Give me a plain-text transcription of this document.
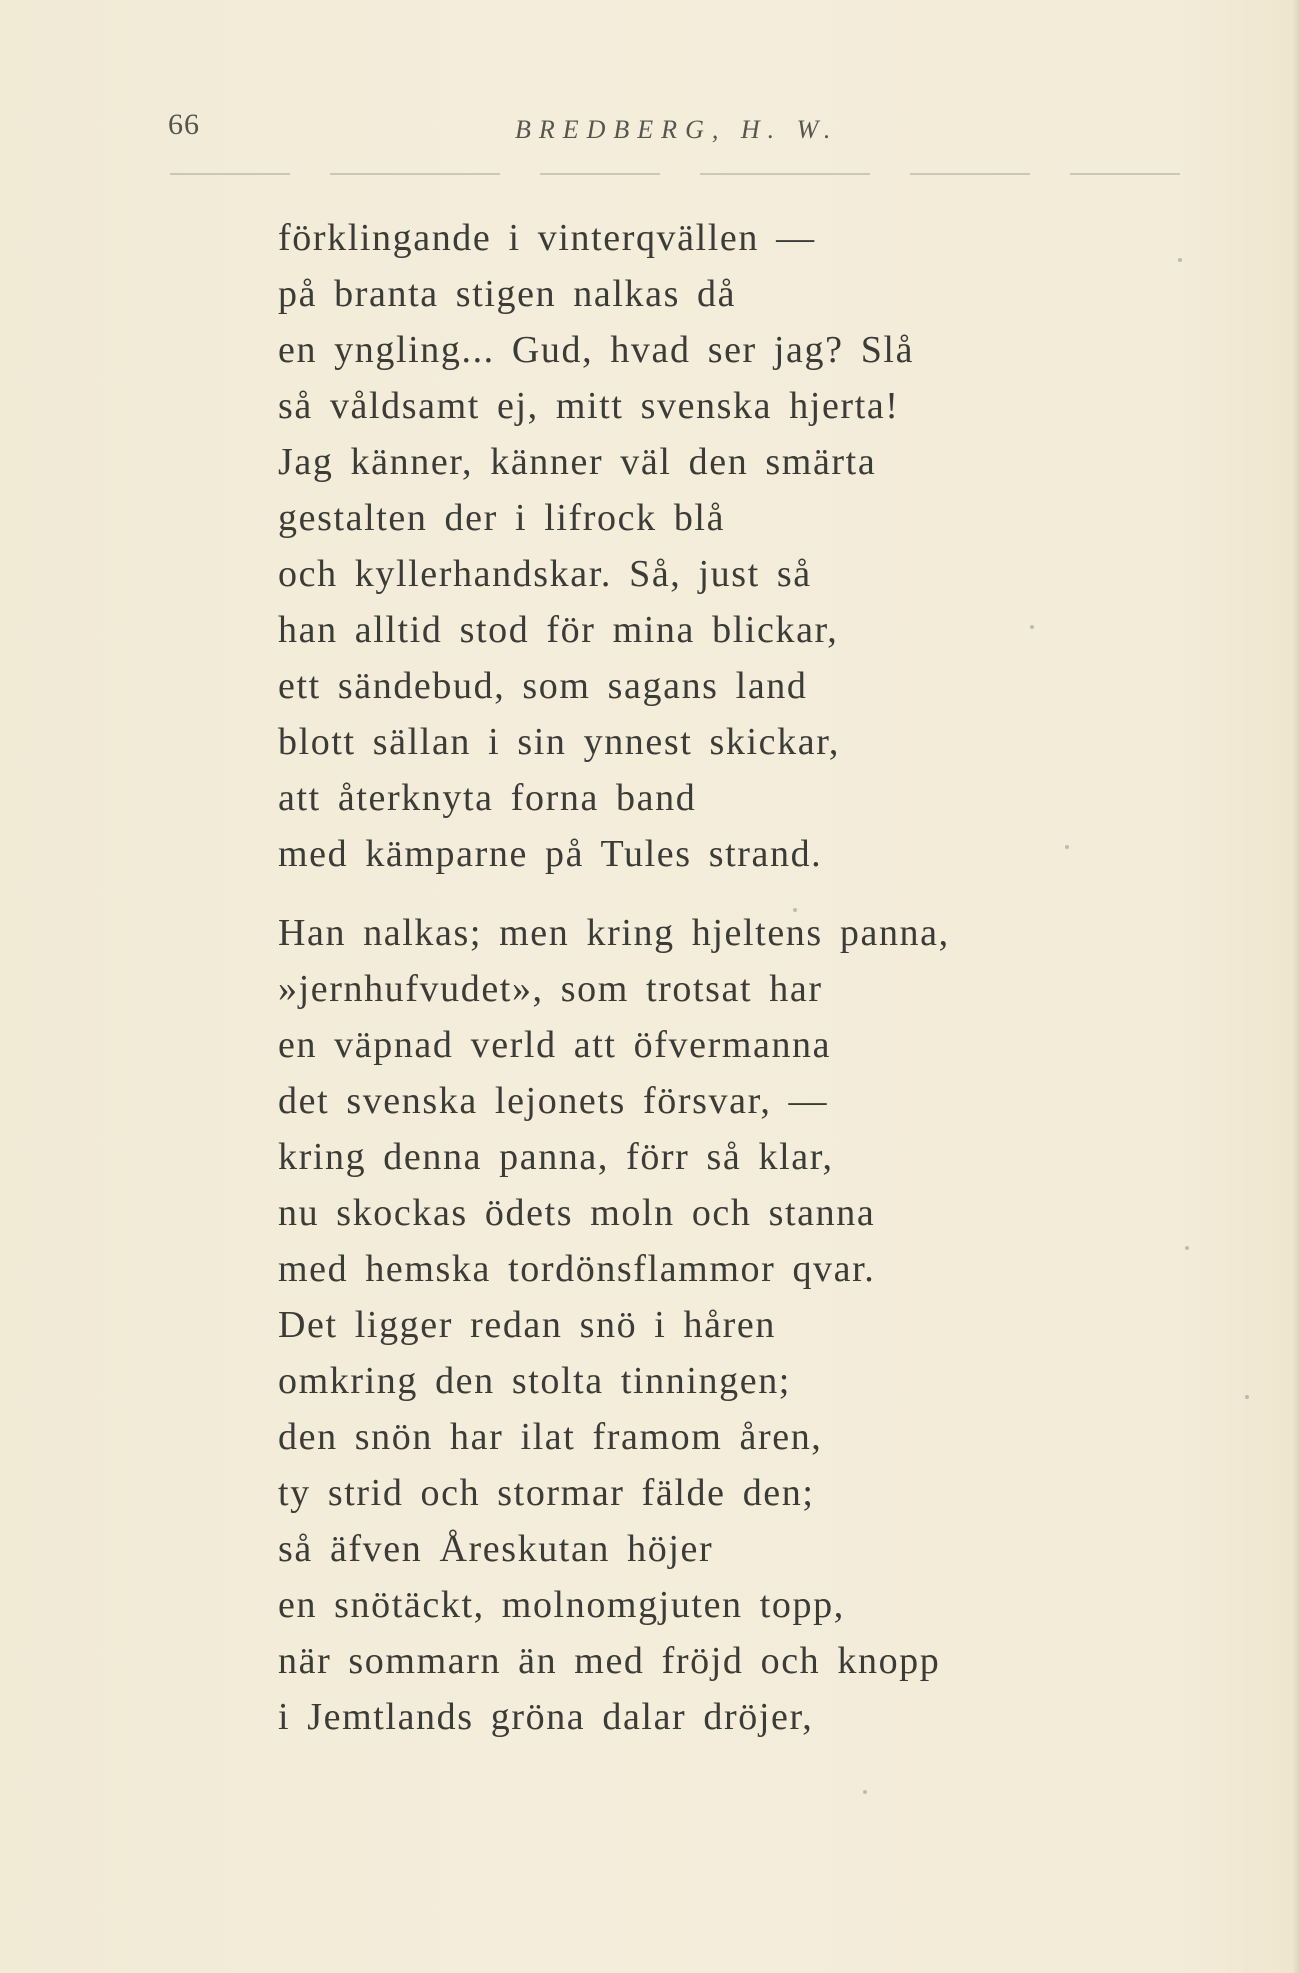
66	BREDBERG, H. W.
förklingande i vinterqvällen —
på branta stigen nalkas då
en yngling... Gud, hvad ser jag? Slå
så våldsamt ej, mitt svenska hjerta!
Jag känner, känner väl den smärta
gestalten der i lifrock blå
och kyllerhandskar. Så, just så
han alltid stod för mina blickar,
ett sändebud, som sagans land
blott sällan i sin ynnest skickar,
att återknyta forna band
med kämparne på Tules strand.
Han nalkas; men kring hjeltens panna,
»jernhufvudet», som trotsat har
en väpnad verld att öfvermanna
det svenska lejonets försvar, —
kring denna panna, förr så klar,
nu skockas ödets moln och stanna
med hemska tordönsflammor qvar.
Det ligger redan snö i håren
omkring den stolta tinningen;
den snön har ilat framom åren,
ty strid och stormar fälde den;
så äfven Åreskutan höjer
en snötäckt, molnomgjuten topp,
när sommarn än med fröjd och knopp
i Jemtlands gröna dalar dröjer,
